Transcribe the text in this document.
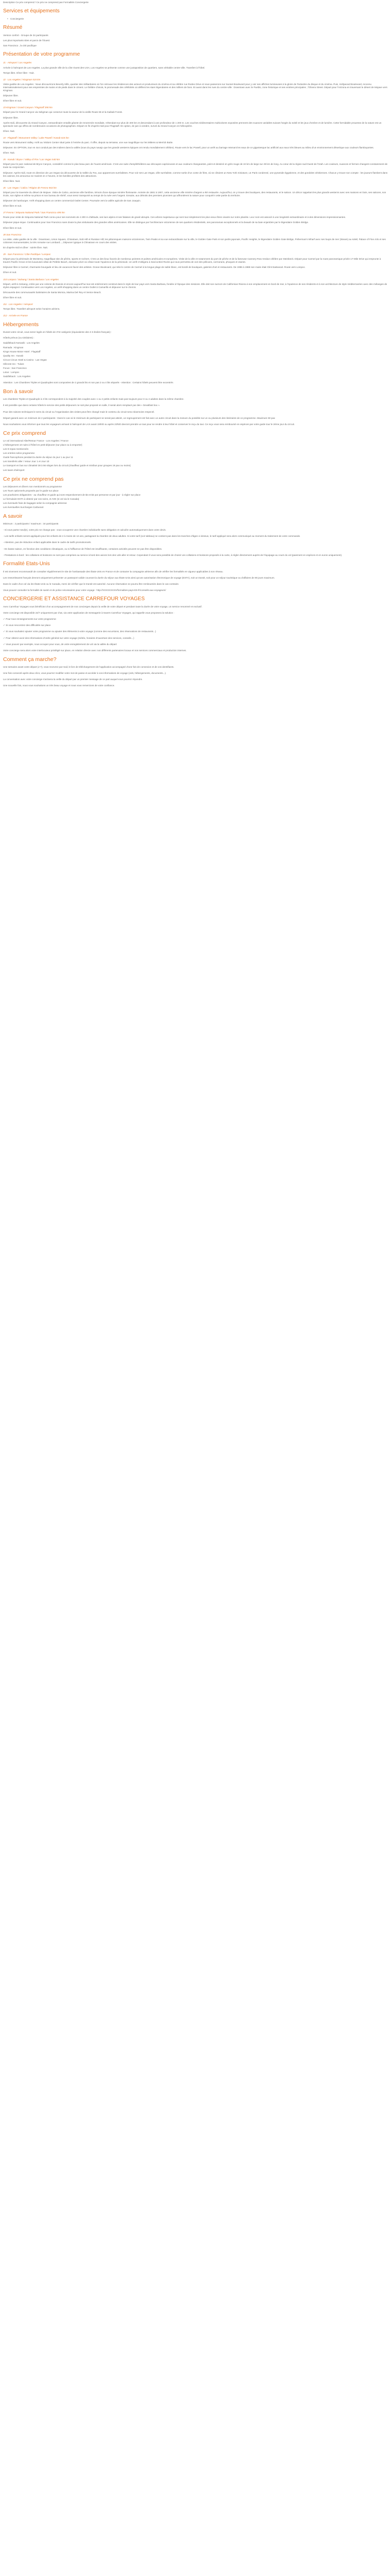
Description Ce prix comprend / Ce prix ne comprend pas Formalités Conciergerie
Services et équipements
• Conciergerie
Résumé

Version confort - Groupe de 34 participants

Les plus importants sites et parcs de l'Ouest

San Francisco , la cité pacifique

Présentation de votre programme
J1 - Aéroport / Los Angeles

Arrivée à l'aéroport de Los Angeles. La plus grande ville de la côte Ouest des USA, Los Angeles se présente comme une juxtaposition de quartiers, sans véritable centre-ville. Transfert à l'hôtel.

Temps libre. Dîner libre - Nuit.

J2 - Los Angeles / Kingman 515 km

Visite guidée de Los Angeles : Nous découvrirons Beverly Hills, quartier des milliardaires où l'on retrouve les résidences des acteurs et producteurs du cinéma et sa célèbre rue Rodeo Drive et nous passerons sur Sunset Boulevard pour y voir ses affiches lumineuses à la gloire de l'industrie du disque et du cinéma. Puis, Hollywood Boulevard, reconnu internationalement pour ses empreintes de mains et de pieds dans le ciment. Le théâtre chinois, le promenade des célébrités où défilent les stars légendaires et des milliers de fans. Et aussi dans les rues du centre-ville : Downtown avec le Pueblo, zone historique et ses entrées principales ; l'Olvera Street. Départ pour l'Arizona en traversant le désert de Mojave vers Kingman.

Déjeuner libre.

Dîner libre et nuit.

J3 Kingman / Grand Canyon / Flagstaff 390 km

Départ pour le Grand Canyon via Seligman qui conserve toute la saveur de la vieille Route 66 et la Kaibab Forest.

Déjeuner libre.

Après-midi, découverte du Grand Canyon, extraordinaire entaille géante de renommée mondiale, s'étendant sur plus de 400 km et descendant à une profondeur de 1 200 m. Les couches sédimentaires multicolores exposées prennent des nuances variables suivant l'angle du soleil et les jeux d'ombre et de lumière. Cette formidable prouesse de la nature est un spectacle rare qui offrira de nombreuses occasions de photographies. Départ en fin d'après-midi pour Flagstaff. En option, de juin à octobre, survol du Grand Canyon en hélicoptère.

Dîner. Nuit.

J4 - Flagstaff / Monument Valley / Lake Powell / Kanab 615 km

Route vers Monument Valley. Arrêt au Visitors Center situé juste à l'entrée du parc. Il offre, depuis sa terrasse, une vue magnifique sur les Mittens & Merrick Butte.

Déjeuner. En OPTION, tour en 4x4 conduit par des Indiens dans la vallée (sous du pays navajo que les grands westerns épiques ont rendu mondialement célèbre). Route vers le lac Powell, pour un arrêt au barrage retenant les eaux de ce gigantesque lac artificiel aux eaux très bleues au milieu d'un environnement désertique aux couleurs flamboyantes.

Dîner. Nuit.

J5 - Kanab / Bryce / Valley of Fire / Las Vegas 540 km

Départ pour le parc national de Bryce Canyon, considéré comme le plus beau parc de l'ouest américain. C'est une suite d'amphithéâtres aux découpes capricieuses et aux couleurs changeantes, peint et dessiné en grès rouge de 24 km de large sur 49 km de long. Au cœur de la région sud-Ouest de l'Utah. Les couleurs, nuances et formes changent constamment de toute sa conjonction.

Déjeuner. Après-midi, route en direction de Las Vegas via découverte de la Vallée du Feu, aux apparences surréalistes. Pour voir ses Las Vegas, ville surréaliste, comme sortie d'un conte de fées, où se côtoient un New York miniature, un Paris condensé, une pyramide égyptienne, et des gondoles vénitiennes. Chacun y trouve son compte : les joueurs flambent dans les casinos, les amoureux se marient en 2 heures, et les familles profitent des attractions.

Dîner libre. Nuit.

J6 - Las Vegas / Calico / Région de Fresno 563 km

Départ pour la traversée du désert de Mojave. Visite de Calico, ancienne ville fantôme, témoin d'une époque minière florissante. Animée de 1881 à 1907, cette ancienne ville minière d'argent a été restaurée. Aujourd'hui, on y trouve des boutiques, des restaurants, et le saloon. Un décor rappelant les plus grands westerns avec ses maisons en bois, ses saloons, son école, son église et même sa prison et son bureau de shérif, vous serez transporté au temps de la ruée vers l'argent. Ensuite, aux détroits des premiers pionniers qui affrontèrent la nature pour conquérir cette partie du territoire.

Déjeuner de hamburger. Arrêt shopping dans un centre commercial Outlet Center. Poursuite vers la vallée agricole de San Joaquin.

Dîner libre et nuit.

J7 Fresno / Séquoïa National Park / San Francisco 495 km

Route pour visite de Séquoïa National Park connu pour ses sommets de 4 200 m d'altitude, ses lacs alpins et ses falaises de granit abrupts. Ces arbres majestueux qui sont tout simplement les plus vieux êtres vivants sur notre planète. Leur nom est associé à une longévité extraordinaire et à des dimensions impressionnantes.

Déjeuner pique-nique. Continuation pour San Francisco sans doute la plus séduisante des grandes villes américaines. Elle se distingue par l'architecture victorienne de ses quartiers résidentiels, ses panoramas exceptionnels et la beauté de sa baie enjambée par le légendaire Golden Bridge.

Dîner libre et nuit.

J8 San Francisco

La visite, visite guidée de la ville : Downtown, Union Square, Chinatown, Nob Hill et Russian Hill, les pittoresques maisons victoriennes, Twin Peaks et sa vue extraordinaire sur la ville, le Golden Gate Park et son jardin japonais, Pacific Heights, le légendaire Golden Gate Bridge, Fisherman's Wharf avec ses loups de mer (Steam) au soleil, Palace of Fine Arts et ses colonnes monumentales, la très romaine rue Lombard..., Déjeuner typique à Chinatown en cours des visites.

En d'après-midi et dîner : soirée libre. Nuit.

J9 - San Francisco / Côte Pacifique / Lompoc

Départ pour la péninsule de Monterey, magnifique site de pêche, sports et rochers. C'est un des lieux favoris de nombreux peintres et poètes américains et européens. Visite de la ville et notamment du port de pêche et de la fameuse Cannery Row rendue célèbre par Steinbeck. Départ pour Carmel par la route panoramique privée 17-Mile Drive qui emprunte à travers Pacific Grove et les luxueuses villas de Pebble Beach, domaine privé où côtoie toute l'opulence de la péninsule. Un arrêt s'obligera à Seal & Bird Rocks qui nous permettra de voir des pélicans, cormorans, phoques et otaries.

Déjeuner libre à Carmel, charmante bourgade et lieu de vacances favori des artistes. Ocean Boulevard, qui relie le centre de Carmel à la longue plage de sable blanc, est bordé de boutiques, galeries d'art et restaurants. De 1986 à 1988 son maire était Clint Eastwood. Route vers Lompoc.

Dîner et nuit.

J10 Lompoc / Solvang / Santa Barbara / Los Angeles

Départ, arrêt à Solvang, créée par une colonie de Danois et encore aujourd'hui tout est entièrement construit dans le style de leur pays vers Santa Barbara, fondée à l'époque des missions. Elle doit son surnom de Californian Riviera à son emplacement en bord de mer, à l'opulence de ses résidents et à son architecture de style méditerranéen avec des mélanges de styles espagnol. Continuation vers Los Angeles, un arrêt shopping dans un centre Outlet à Camarillo et déjeuner sur le chemin.

Découverte des communautés balnéaires de Santa Monica, Marina Del Rey et Venice Beach.

Dîner libre et nuit.

J11 - Los Angeles / Aéroport

Temps libre. Transfert aéroport selon horaires aériens.

J12 - Arrivée en France
Hébergements

Durant votre circuit, vous serez logés en hôtels de 3*et catégorie (équivalente des 2-3 étoiles français) :

Hôtels prévus (ou similaires) :

Saddleback Norwalk : Los Angeles

Ramada : Kingman

Kings House Motor Hotel : Flagstaff

Quality Inn : Kanab

Circus Circus Hotel & Casino : Las Vegas

Hillcrest Inn : Tulare

Focus : San Francisco

Lotus : Lompoc

Saddleback : Los Angeles

Attention : Les Chambres Triples et Quadruples sont composées de 2 grands lits et non pas 3 ou 4 lits séparés - Attention : Certains hôtels peuvent être excentrés

Bon à savoir

Les chambres Triples et Quadruple à 2 lits correspondent à la majorité des couples avec 1 ou 2 petits enfants mais pas toujours pour 3 ou 4 adultes dans la même chambre.

Il est possible que dans certains hôtels le service des petits déjeuners ne soit plus proposé en salle, il serait alors remplacé par des « breakfast box ».

Pour des raisons techniques le sens du circuit ou l'organisation des visites peut être changé mais le contenu du circuit sera néanmoins respecté.

Départ garanti avec un minimum de 2 participants : Dans le cas où le minimum de participant ne serait pas atteint, un regroupement est fait avec un autre circuit dans la mesure du possible sur un ou plusieurs des itinéraires de ce programme. Maximum 50 pax

Nous souhaitons vous informer que tous les voyageurs arrivant à l'aéroport de LAX avant 15h00 ou après 22h00 devront prendre un taxi pour se rendre à leur hôtel et conserver le reçu du taxi. Ce reçu vous sera remboursé en espèces par votre guide tour le 2ème jour du circuit.

Ce prix comprend

Le vol international Aller/Retour France - Los Angeles / France

L'hébergement 10 nuits à l'hôtel en petit-déjeuner (sur place ou à emporter)

Les 9 repas mentionnés

Les entrées selon programme

Guide francophone pendant la durée du séjour du jour 1 au jour 11

Les transferts aller / retour Jour 1 et Jour 10

Le transport en bus sur climatisé 38 à 56 sièges lors du circuit (chauffeur guide et minibus pour groupes 19 pax ou moins)

Les taxes d'aéroport

Ce prix ne comprend pas

Les Déjeuners et dîners non mentionnés au programme

Les Tours optionnels proposés par le guide sur place

Les pourboires obligatoires - au chauffeur et guide qui sont respectivement de $4 et $4 par personne et par jour - à régler sur place

Le formulaire ESTA à obtenir par vos soins, et AVE (si vol via le Canada)

Les éventuels frais de bagages selon la compagnie aérienne

Les éventuelles Surcharges Carburant

A savoir

Minimum : 2 participants / maximum : 34 participants

- Si vous partez seul(e), votre prix ne change pas : vous occuperez une chambre individuelle sans obligation et calculée automatiquement dans votre devis.

- Les tarifs enfants seront appliqués pour les enfants de 2 à moins de 12 ans, partageant la chambre de deux adultes. Si votre tarif (voir tableau) ne contient pas dans les tranches d'âges ci-dessus, le tarif appliqué sera alors communiqué au moment du traitement de votre commande.

- Attention, pas de réduction enfant applicable dans le cadre de tarifs promotionnels.

- En basse saison, en fonction des conditions climatiques, ou si l'affluence de l'hôtel est insuffisante, certaines activités peuvent ne pas être disponibles.

- Prestations à bord : les collations et boissons ne sont pas comprises au service à bord des avions lors des vols aller et retour. Cependant il vous sera possible de choisir vos collations et boissons proposés à la carte, à régler directement auprès de l'équipage au cours du vol (paiement en espèces et en euros uniquement).

Formalité Etats-Unis

Il est vivement recommandé de consulter régulièrement le site de l'ambassade des États-Unis en France et de contacter la compagnie aérienne afin de vérifier les formalités en vigueur applicables à son réseau.

Les ressortissants français devront uniquement présenter un passeport valide couvrant la durée du séjour aux États-Unis ainsi qu'une autorisation électronique de voyage (ESTA), soit un transit, soit pour un séjour touristique ou d'affaires de 90 jours maximum.

Dans le cadre d'un vol via les États-Unis ou le Canada, merci de vérifier que le transit est autorisé. Aucune réservation ne pourra être remboursée dans le cas contraire.

Vous pouvez consulter la formalité de santé et de police nécessaires pour votre voyage : http://XXXXXXXXX/formalites-pays-ES-fr/conseils-aux-voyageurs/

CONCIERGERIE ET ASSISTANCE CARREFOUR VOYAGES

Avec Carrefour Voyages vous bénéficiez d'un accompagnement de nos concierges depuis la veille de votre départ et pendant toute la durée de votre voyage, un service renommé et exclusif.

Votre concierge est disponible 24/7 uniquement par chat, via votre application de messagerie à travers Carrefour Voyages, qui rappelle vous proposera la solution :

✓ Pour tous renseignements sur votre programme

✓ Si vous rencontrez des difficultés sur place

✓ Si vous souhaitez ajouter votre programme ou ajouter des éléments à votre voyage (comme des excursions, des réservations de restaurants...)

✓ Pour obtenir avoir des informations d'ordre général sur votre voyage (météo, horaires d'ouverture des services, conseils...)

✓ Vous pouvez par exemple, nous occuper pour vous, de votre enregistrement de vol via la vallée du départ

Votre concierge sera alors votre interlocuteur privilégié sur place, en relation directe avec nos différents partenaires locaux et nos services commerciaux et production internes.

Comment ça marche?

Une semaine avant votre départ (J-7), vous recevrez par mail, le lien de téléchargement de l'application accompagné d'une fois de connexion et de vos identifiants.

Une fois connecté après deux clics, vous pourrez modifier votre mot de passe et accéder à vos informations de voyage (vols, hébergements, documents...).

La conversation avec votre concierge s'activera la veille du départ par un premier message de ce part auquel vous pourrez répondre.

Une nouvelle fois, nous vous souhaitons un très beau voyage et nous vous remercions de votre confiance.
